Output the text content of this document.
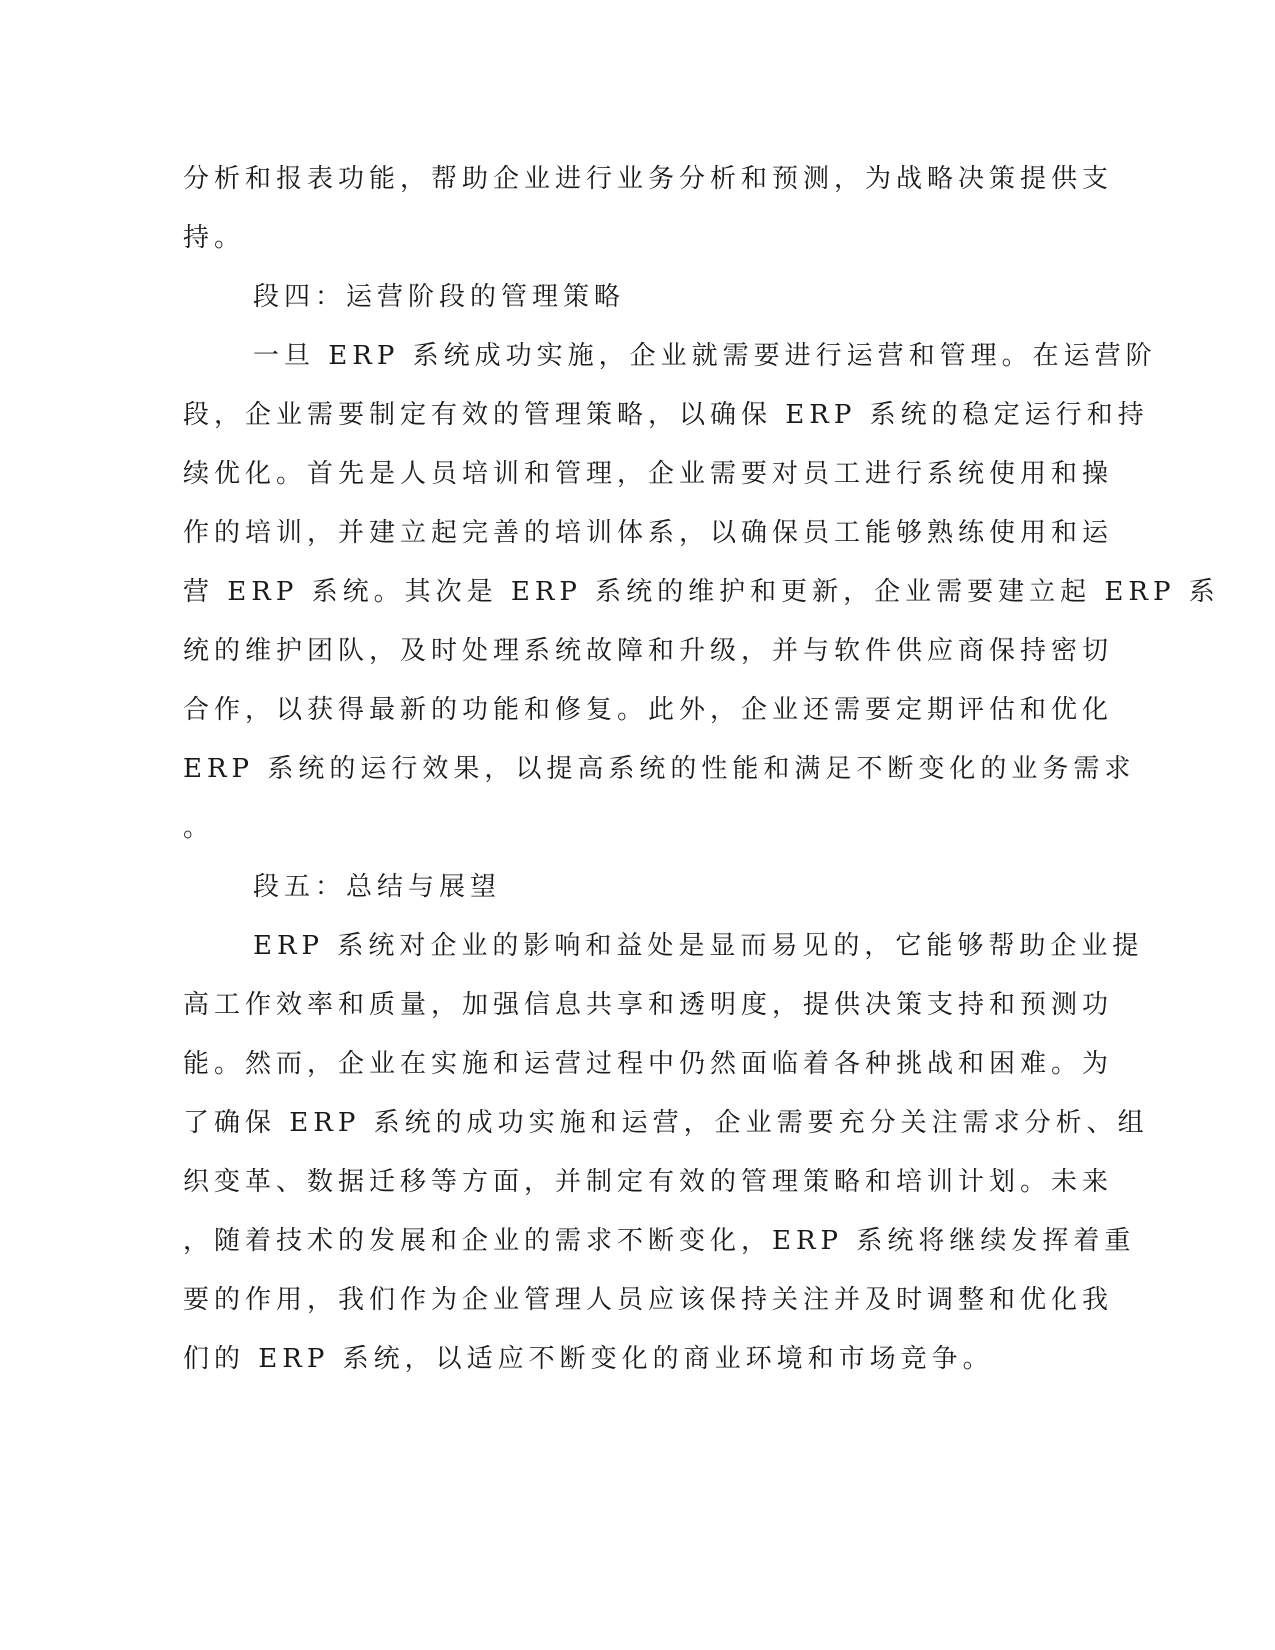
分析和报表功能，帮助企业进行业务分析和预测，为战略决策提供支
持。
段四：运营阶段的管理策略
一旦 ERP 系统成功实施，企业就需要进行运营和管理。在运营阶
段，企业需要制定有效的管理策略，以确保 ERP 系统的稳定运行和持
续优化。首先是人员培训和管理，企业需要对员工进行系统使用和操
作的培训，并建立起完善的培训体系，以确保员工能够熟练使用和运
营 ERP 系统。其次是 ERP 系统的维护和更新，企业需要建立起 ERP 系
统的维护团队，及时处理系统故障和升级，并与软件供应商保持密切
合作，以获得最新的功能和修复。此外，企业还需要定期评估和优化
ERP 系统的运行效果，以提高系统的性能和满足不断变化的业务需求
。
段五：总结与展望
ERP 系统对企业的影响和益处是显而易见的，它能够帮助企业提
高工作效率和质量，加强信息共享和透明度，提供决策支持和预测功
能。然而，企业在实施和运营过程中仍然面临着各种挑战和困难。为
了确保 ERP 系统的成功实施和运营，企业需要充分关注需求分析、组
织变革、数据迁移等方面，并制定有效的管理策略和培训计划。未来
，随着技术的发展和企业的需求不断变化，ERP 系统将继续发挥着重
要的作用，我们作为企业管理人员应该保持关注并及时调整和优化我
们的 ERP 系统，以适应不断变化的商业环境和市场竞争。
